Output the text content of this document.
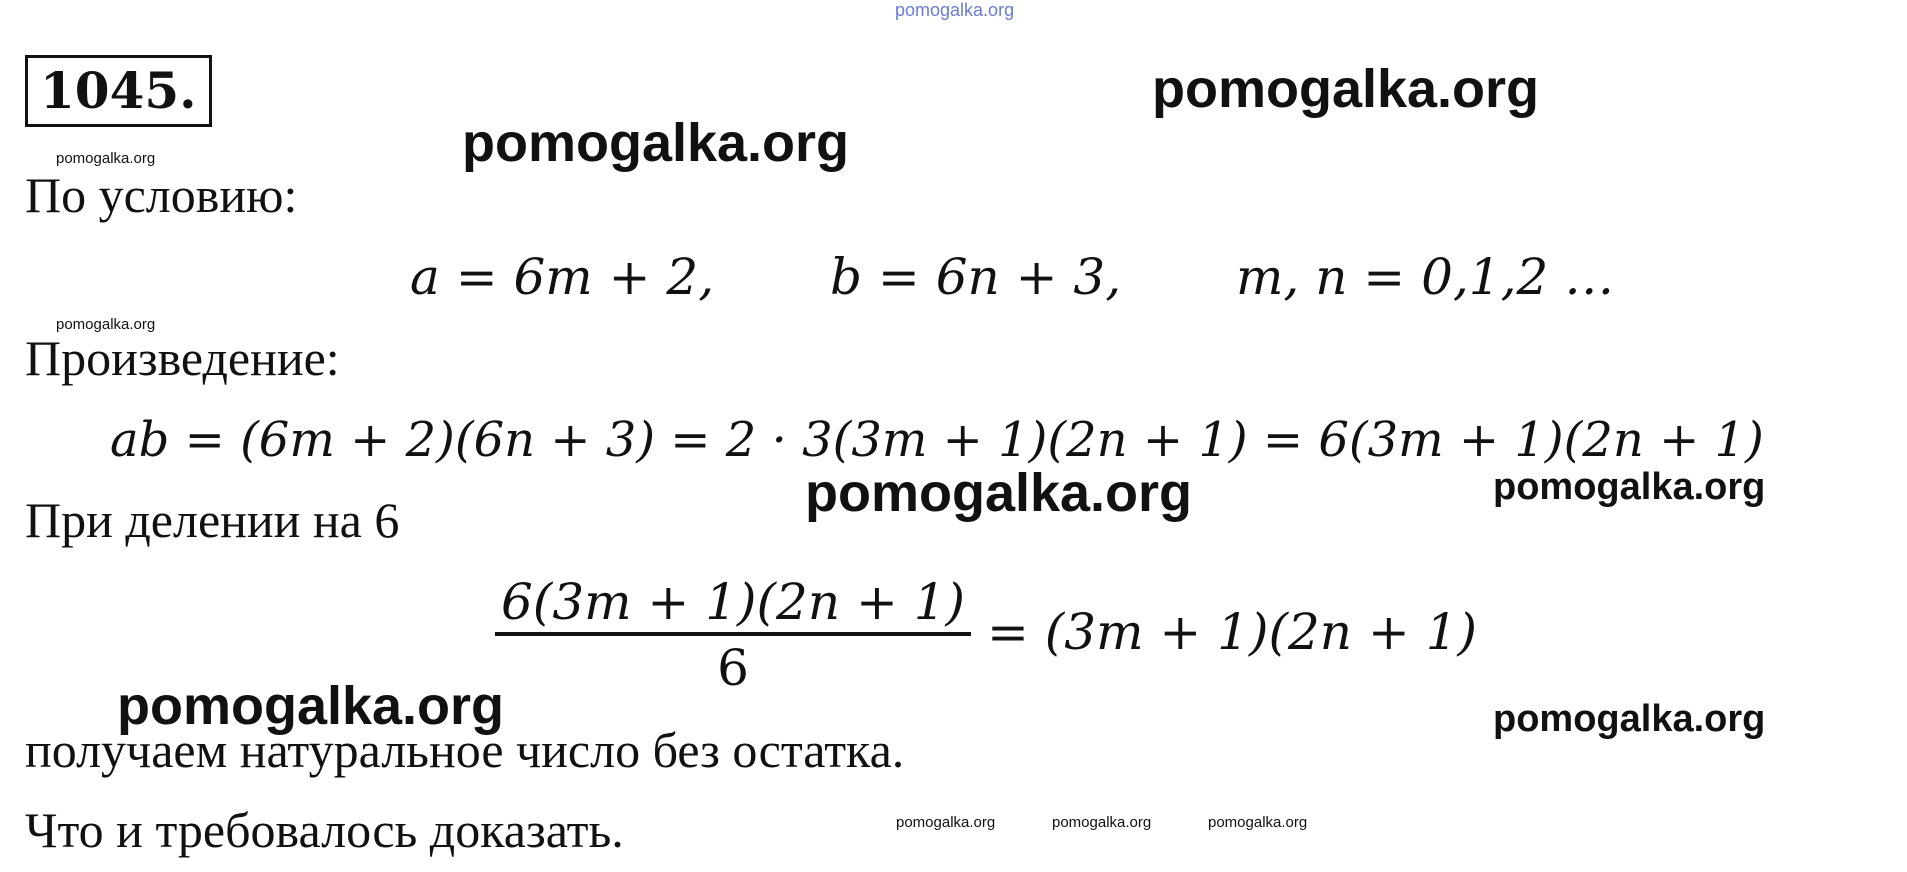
pomogalka.org
1045.	pomogalka.org
pomogalka.org
pomogalka.org
По условию:
a = 6m + 2, b = 6n + 3, m, n = 0,1,2 …
pomogalka.org
Произведение:
ab = (6m + 2)(6n + 3) = 2 · 3(3m + 1)(2n + 1) = 6(3m + 1)(2n + 1)
pomogalka.org	pomogalka.org
При делении на 6
$\frac{6(3m + 1)(2n + 1)}{6} = (3m + 1)(2n + 1)$
pomogalka.org	pomogalka.org
получаем натуральное число без остатка.
pomogalka.org	pomogalka.org	pomogalka.org
Что и требовалось доказать.
